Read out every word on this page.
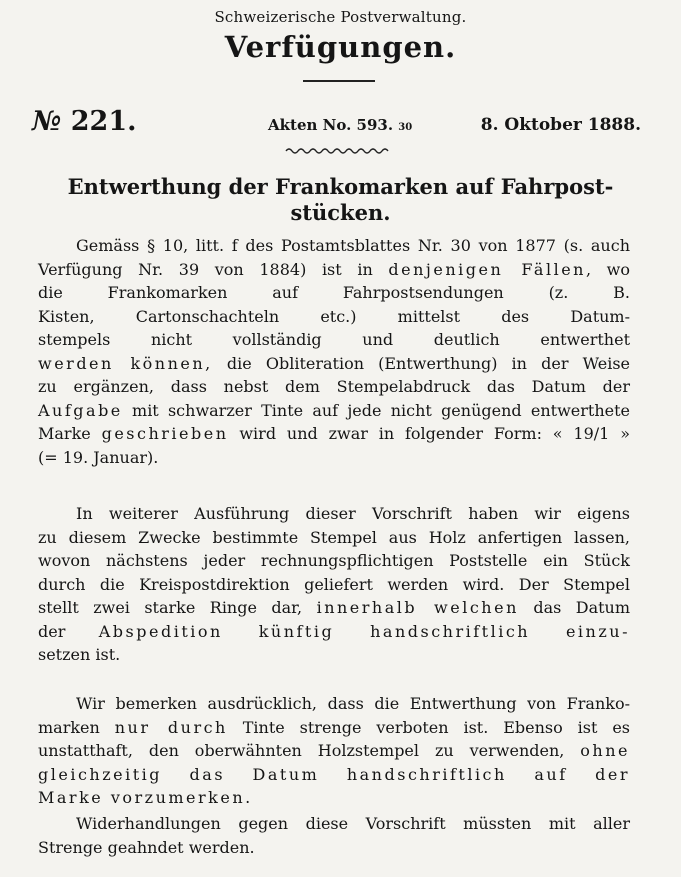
Schweizerische Postverwaltung.
Verfügungen.
№ 221.	Akten No. 593. 30	8. Oktober 1888.
Entwerthung der Frankomarken auf Fahrpost-
stücken.
Gemäss § 10, litt. f des Postamtsblattes Nr. 30 von 1877 (s. auch
Verfügung Nr. 39 von 1884) ist in denjenigen Fällen, wo
die Frankomarken auf Fahrpostsendungen (z. B.
Kisten, Cartonschachteln etc.) mittelst des Datum-
stempels nicht vollständig und deutlich entwerthet
werden können, die Obliteration (Entwerthung) in der Weise
zu ergänzen, dass nebst dem Stempelabdruck das Datum der
Aufgabe mit schwarzer Tinte auf jede nicht genügend entwerthete
Marke geschrieben wird und zwar in folgender Form: « 19/1 »
(= 19. Januar).
In weiterer Ausführung dieser Vorschrift haben wir eigens
zu diesem Zwecke bestimmte Stempel aus Holz anfertigen lassen,
wovon nächstens jeder rechnungspflichtigen Poststelle ein Stück
durch die Kreispostdirektion geliefert werden wird. Der Stempel
stellt zwei starke Ringe dar, innerhalb welchen das Datum
der Abspedition künftig handschriftlich einzu-
setzen ist.
Wir bemerken ausdrücklich, dass die Entwerthung von Franko-
marken nur durch Tinte strenge verboten ist. Ebenso ist es
unstatthaft, den oberwähnten Holzstempel zu verwenden, ohne
gleichzeitig das Datum handschriftlich auf der
Marke vorzumerken.
Widerhandlungen gegen diese Vorschrift müssten mit aller
Strenge geahndet werden.
